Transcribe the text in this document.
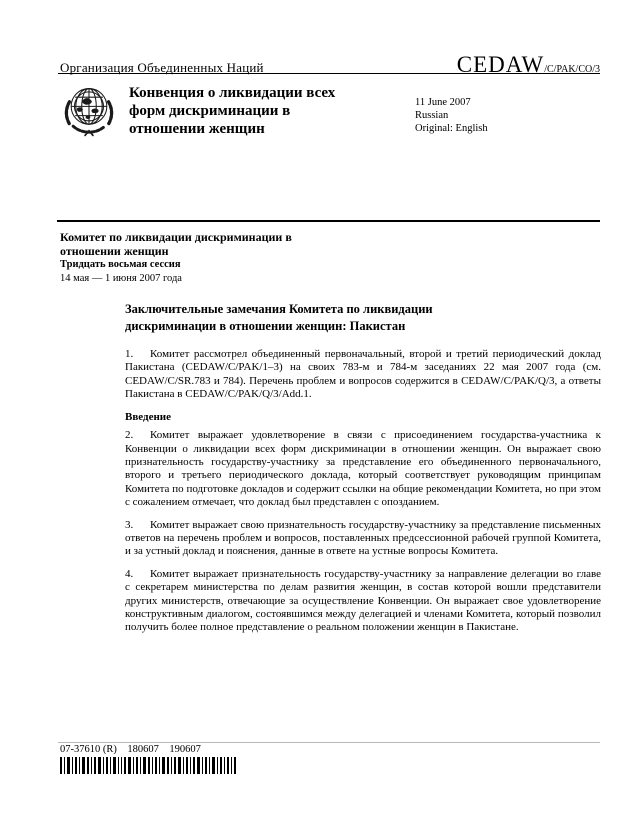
Организация Объединенных Наций	CEDAW/C/PAK/CO/3
Конвенция о ликвидации всех форм дискриминации в отношении женщин
11 June 2007
Russian
Original: English
Комитет по ликвидации дискриминации в отношении женщин
Тридцать восьмая сессия
14 мая — 1 июня 2007 года
Заключительные замечания Комитета по ликвидации дискриминации в отношении женщин: Пакистан

1. Комитет рассмотрел объединенный первоначальный, второй и третий периодический доклад Пакистана (CEDAW/C/PAK/1–3) на своих 783-м и 784-м заседаниях 22 мая 2007 года (см. CEDAW/C/SR.783 и 784). Перечень проблем и вопросов содержится в CEDAW/C/PAK/Q/3, а ответы Пакистана в CEDAW/C/PAK/Q/3/Add.1.

Введение

2. Комитет выражает удовлетворение в связи с присоединением государства-участника к Конвенции о ликвидации всех форм дискриминации в отношении женщин. Он выражает свою признательность государству-участнику за представление его объединенного первоначального, второго и третьего периодического доклада, который соответствует руководящим принципам Комитета по подготовке докладов и содержит ссылки на общие рекомендации Комитета, но при этом с сожалением отмечает, что доклад был представлен с опозданием.

3. Комитет выражает свою признательность государству-участнику за представление письменных ответов на перечень проблем и вопросов, поставленных предсессионной рабочей группой Комитета, и за устный доклад и пояснения, данные в ответе на устные вопросы Комитета.

4. Комитет выражает признательность государству-участнику за направление делегации во главе с секретарем министерства по делам развития женщин, в состав которой вошли представители других министерств, отвечающие за осуществление Конвенции. Он выражает свое удовлетворение конструктивным диалогом, состоявшимся между делегацией и членами Комитета, который позволил получить более полное представление о реальном положении женщин в Пакистане.

07-37610 (R) 180607 190607
